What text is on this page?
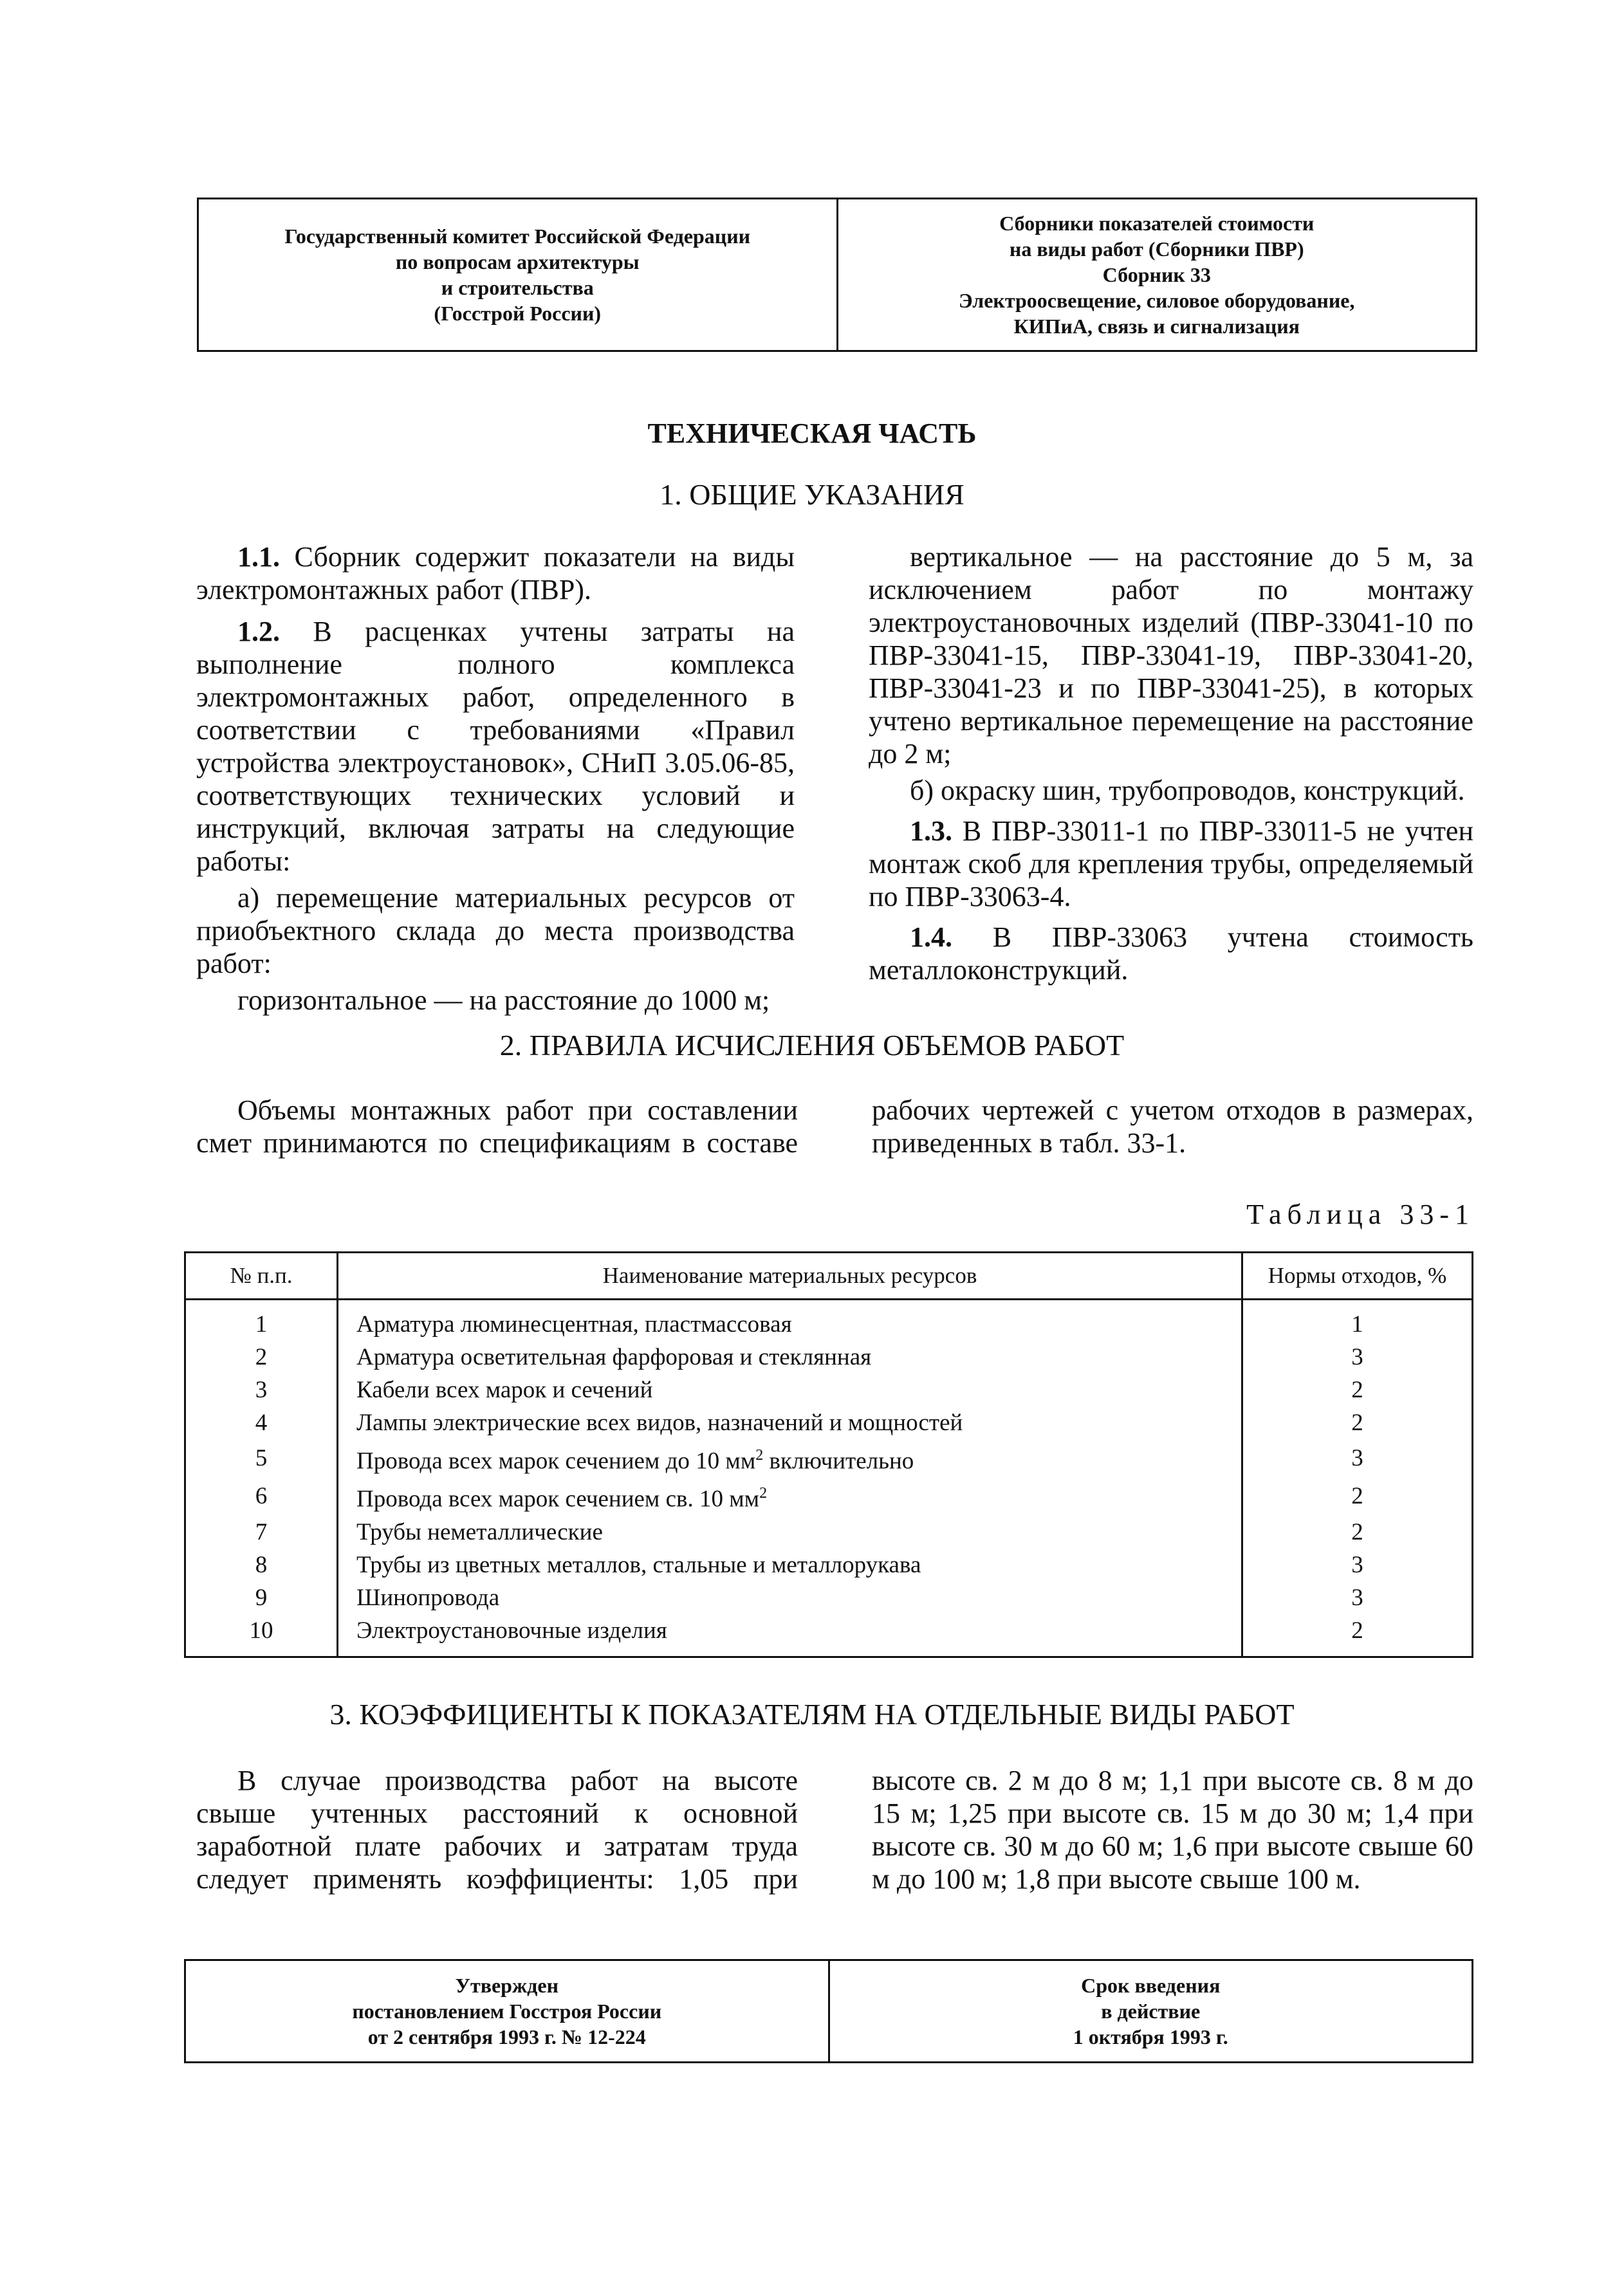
Государственный комитет Российской Федерации
по вопросам архитектуры
и строительства
(Госстрой России)

Сборники показателей стоимости
на виды работ (Сборники ПВР)
Сборник 33
Электроосвещение, силовое оборудование,
КИПиА, связь и сигнализация
ТЕХНИЧЕСКАЯ ЧАСТЬ
1. ОБЩИЕ УКАЗАНИЯ

1.1. Сборник содержит показатели на виды электромонтажных работ (ПВР).

1.2. В расценках учтены затраты на выполнение полного комплекса электромонтажных работ, определенного в соответствии с требованиями «Правил устройства электроустановок», СНиП 3.05.06-85, соответствующих технических условий и инструкций, включая затраты на следующие работы:

а) перемещение материальных ресурсов от приобъектного склада до места производства работ:

горизонтальное — на расстояние до 1000 м;

вертикальное — на расстояние до 5 м, за исключением работ по монтажу электроустановочных изделий (ПВР-33041-10 по ПВР-33041-15, ПВР-33041-19, ПВР-33041-20, ПВР-33041-23 и по ПВР-33041-25), в которых учтено вертикальное перемещение на расстояние до 2 м;

б) окраску шин, трубопроводов, конструкций.

1.3. В ПВР-33011-1 по ПВР-33011-5 не учтен монтаж скоб для крепления трубы, определяемый по ПВР-33063-4.

1.4. В ПВР-33063 учтена стоимость металлоконструкций.

2. ПРАВИЛА ИСЧИСЛЕНИЯ ОБЪЕМОВ РАБОТ

Объемы монтажных работ при составлении смет принимаются по спецификациям в составе рабочих чертежей с учетом отходов в размерах, приведенных в табл. 33-1.

Таблица 33-1
№ п.п.	Наименование материальных ресурсов	Нормы отходов, %
1	Арматура люминесцентная, пластмассовая	1
2	Арматура осветительная фарфоровая и стеклянная	3
3	Кабели всех марок и сечений	2
4	Лампы электрические всех видов, назначений и мощностей	2
5	Провода всех марок сечением до 10 $мм^2$ включительно	3
6	Провода всех марок сечением св. 10 $мм^2$	2
7	Трубы неметаллические	2
8	Трубы из цветных металлов, стальные и металлорукава	3
9	Шинопровода	3
10	Электроустановочные изделия	2
3. КОЭФФИЦИЕНТЫ К ПОКАЗАТЕЛЯМ НА ОТДЕЛЬНЫЕ ВИДЫ РАБОТ

В случае производства работ на высоте свыше учтенных расстояний к основной заработной плате рабочих и затратам труда следует применять коэффициенты: 1,05 при высоте св. 2 м до 8 м; 1,1 при высоте св. 8 м до 15 м; 1,25 при высоте св. 15 м до 30 м; 1,4 при высоте св. 30 м до 60 м; 1,6 при высоте свыше 60 м до 100 м; 1,8 при высоте свыше 100 м.

Утвержден
постановлением Госстроя России
от 2 сентября 1993 г. № 12-224

Срок введения
в действие
1 октября 1993 г.
